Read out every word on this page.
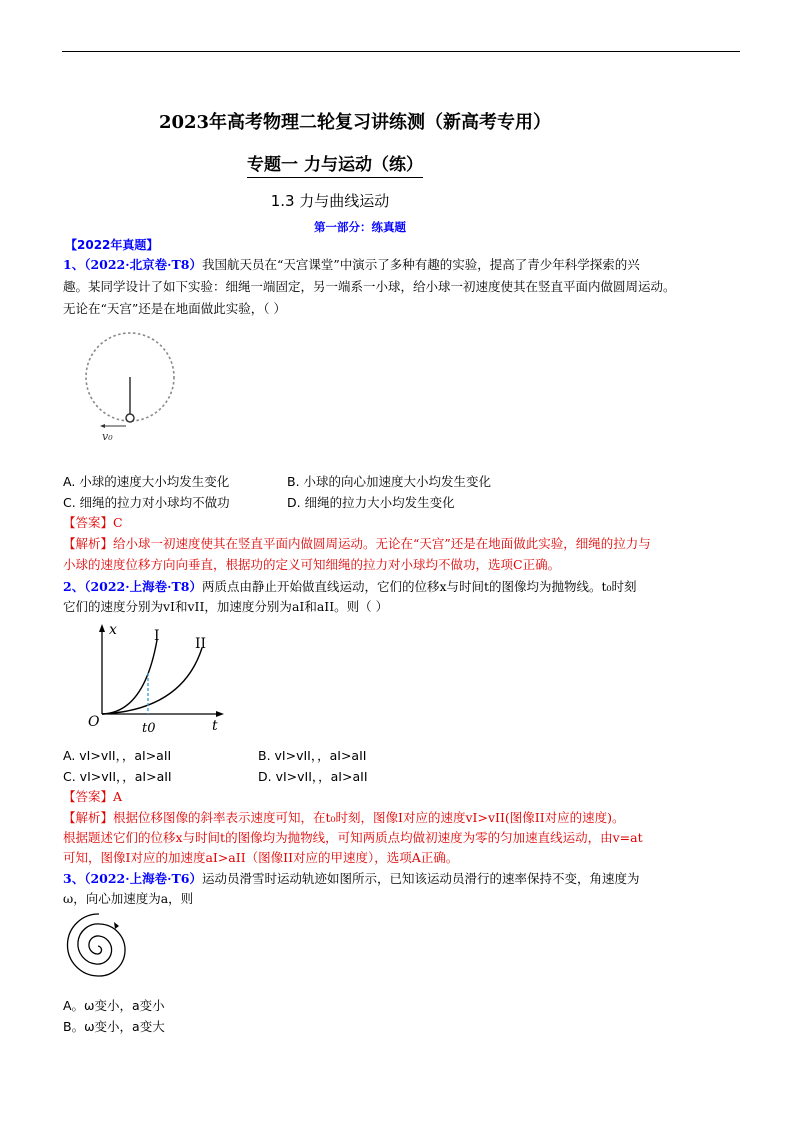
2023年高考物理二轮复习讲练测（新高考专用）
专题一 力与运动（练）
1.3 力与曲线运动
第一部分：练真题
【2022年真题】
1、（2022·北京卷·T8）我国航天员在“天宫课堂”中演示了多种有趣的实验，提高了青少年科学探索的兴
趣。某同学设计了如下实验：细绳一端固定，另一端系一小球，给小球一初速度使其在竖直平面内做圆周运动。
无论在“天宫”还是在地面做此实验，（ ）
v₀
A. 小球的速度大小均发生变化	B. 小球的向心加速度大小均发生变化
C. 细绳的拉力对小球均不做功	D. 细绳的拉力大小均发生变化
【答案】C
【解析】给小球一初速度使其在竖直平面内做圆周运动。无论在“天宫”还是在地面做此实验，细绳的拉力与
小球的速度位移方向向垂直，根据功的定义可知细绳的拉力对小球均不做功，选项C正确。
2、（2022·上海卷·T8）两质点由静止开始做直线运动，它们的位移x与时间t的图像均为抛物线。t₀时刻
它们的速度分别为vI和vII，加速度分别为aI和aII。则（ ）
x
t
O
I	II
t0
A. vI>vII，，aI>aII	B. vI>vII，，aI>aII
C. vI>vII，，aI>aII	D. vI>vII，，aI>aII
【答案】A
【解析】根据位移图像的斜率表示速度可知，在t₀时刻，图像I对应的速度vI>vII(图像II对应的速度)。
根据题述它们的位移x与时间t的图像均为抛物线，可知两质点均做初速度为零的匀加速直线运动，由v=at
可知，图像I对应的加速度aI>aII（图像II对应的甲速度），选项A正确。
3、（2022·上海卷·T6）运动员滑雪时运动轨迹如图所示，已知该运动员滑行的速率保持不变，角速度为
ω，向心加速度为a，则
A。ω变小，a变小
B。ω变小，a变大
